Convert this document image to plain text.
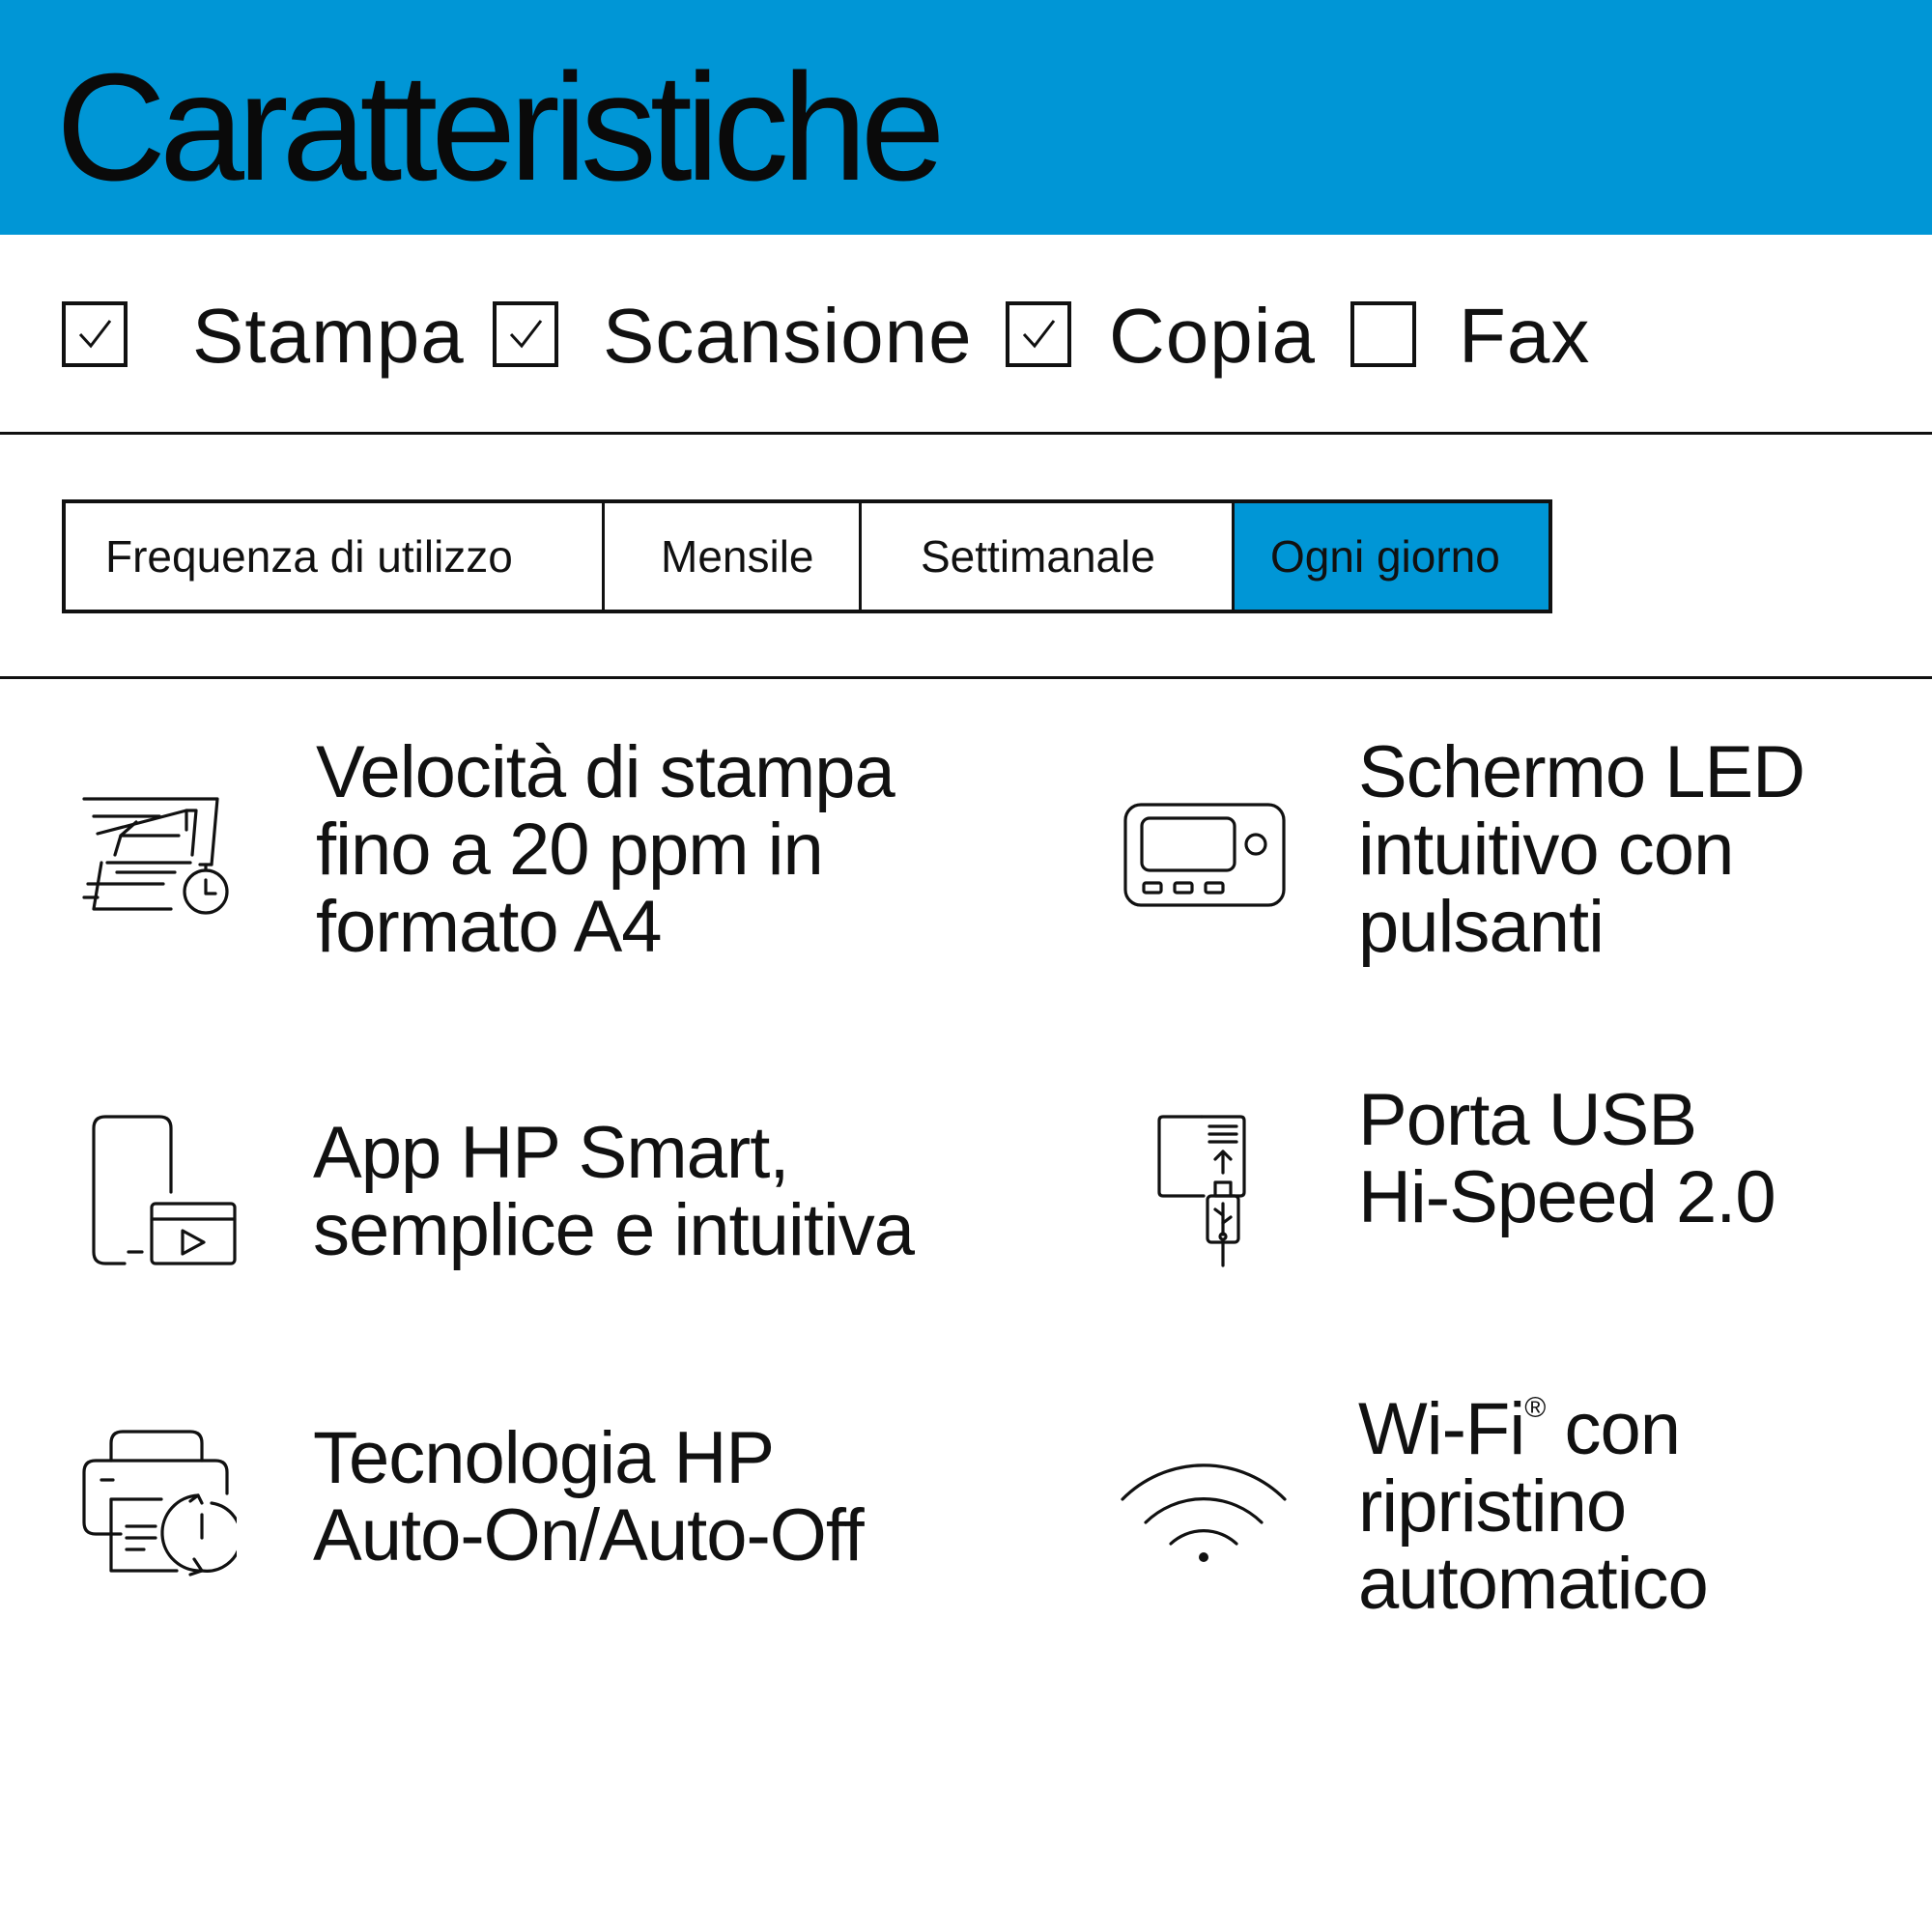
Caratteristiche
Stampa Scansione Copia Fax
Frequenza di utilizzo	Mensile	Settimanale	Ogni giorno
Velocità di stampa
fino a 20 ppm in
formato A4
Schermo LED
intuitivo con
pulsanti
App HP Smart,
semplice e intuitiva
Porta USB
Hi-Speed 2.0
Tecnologia HP
Auto-On/Auto-Off
Wi-Fi® con
ripristino
automatico
